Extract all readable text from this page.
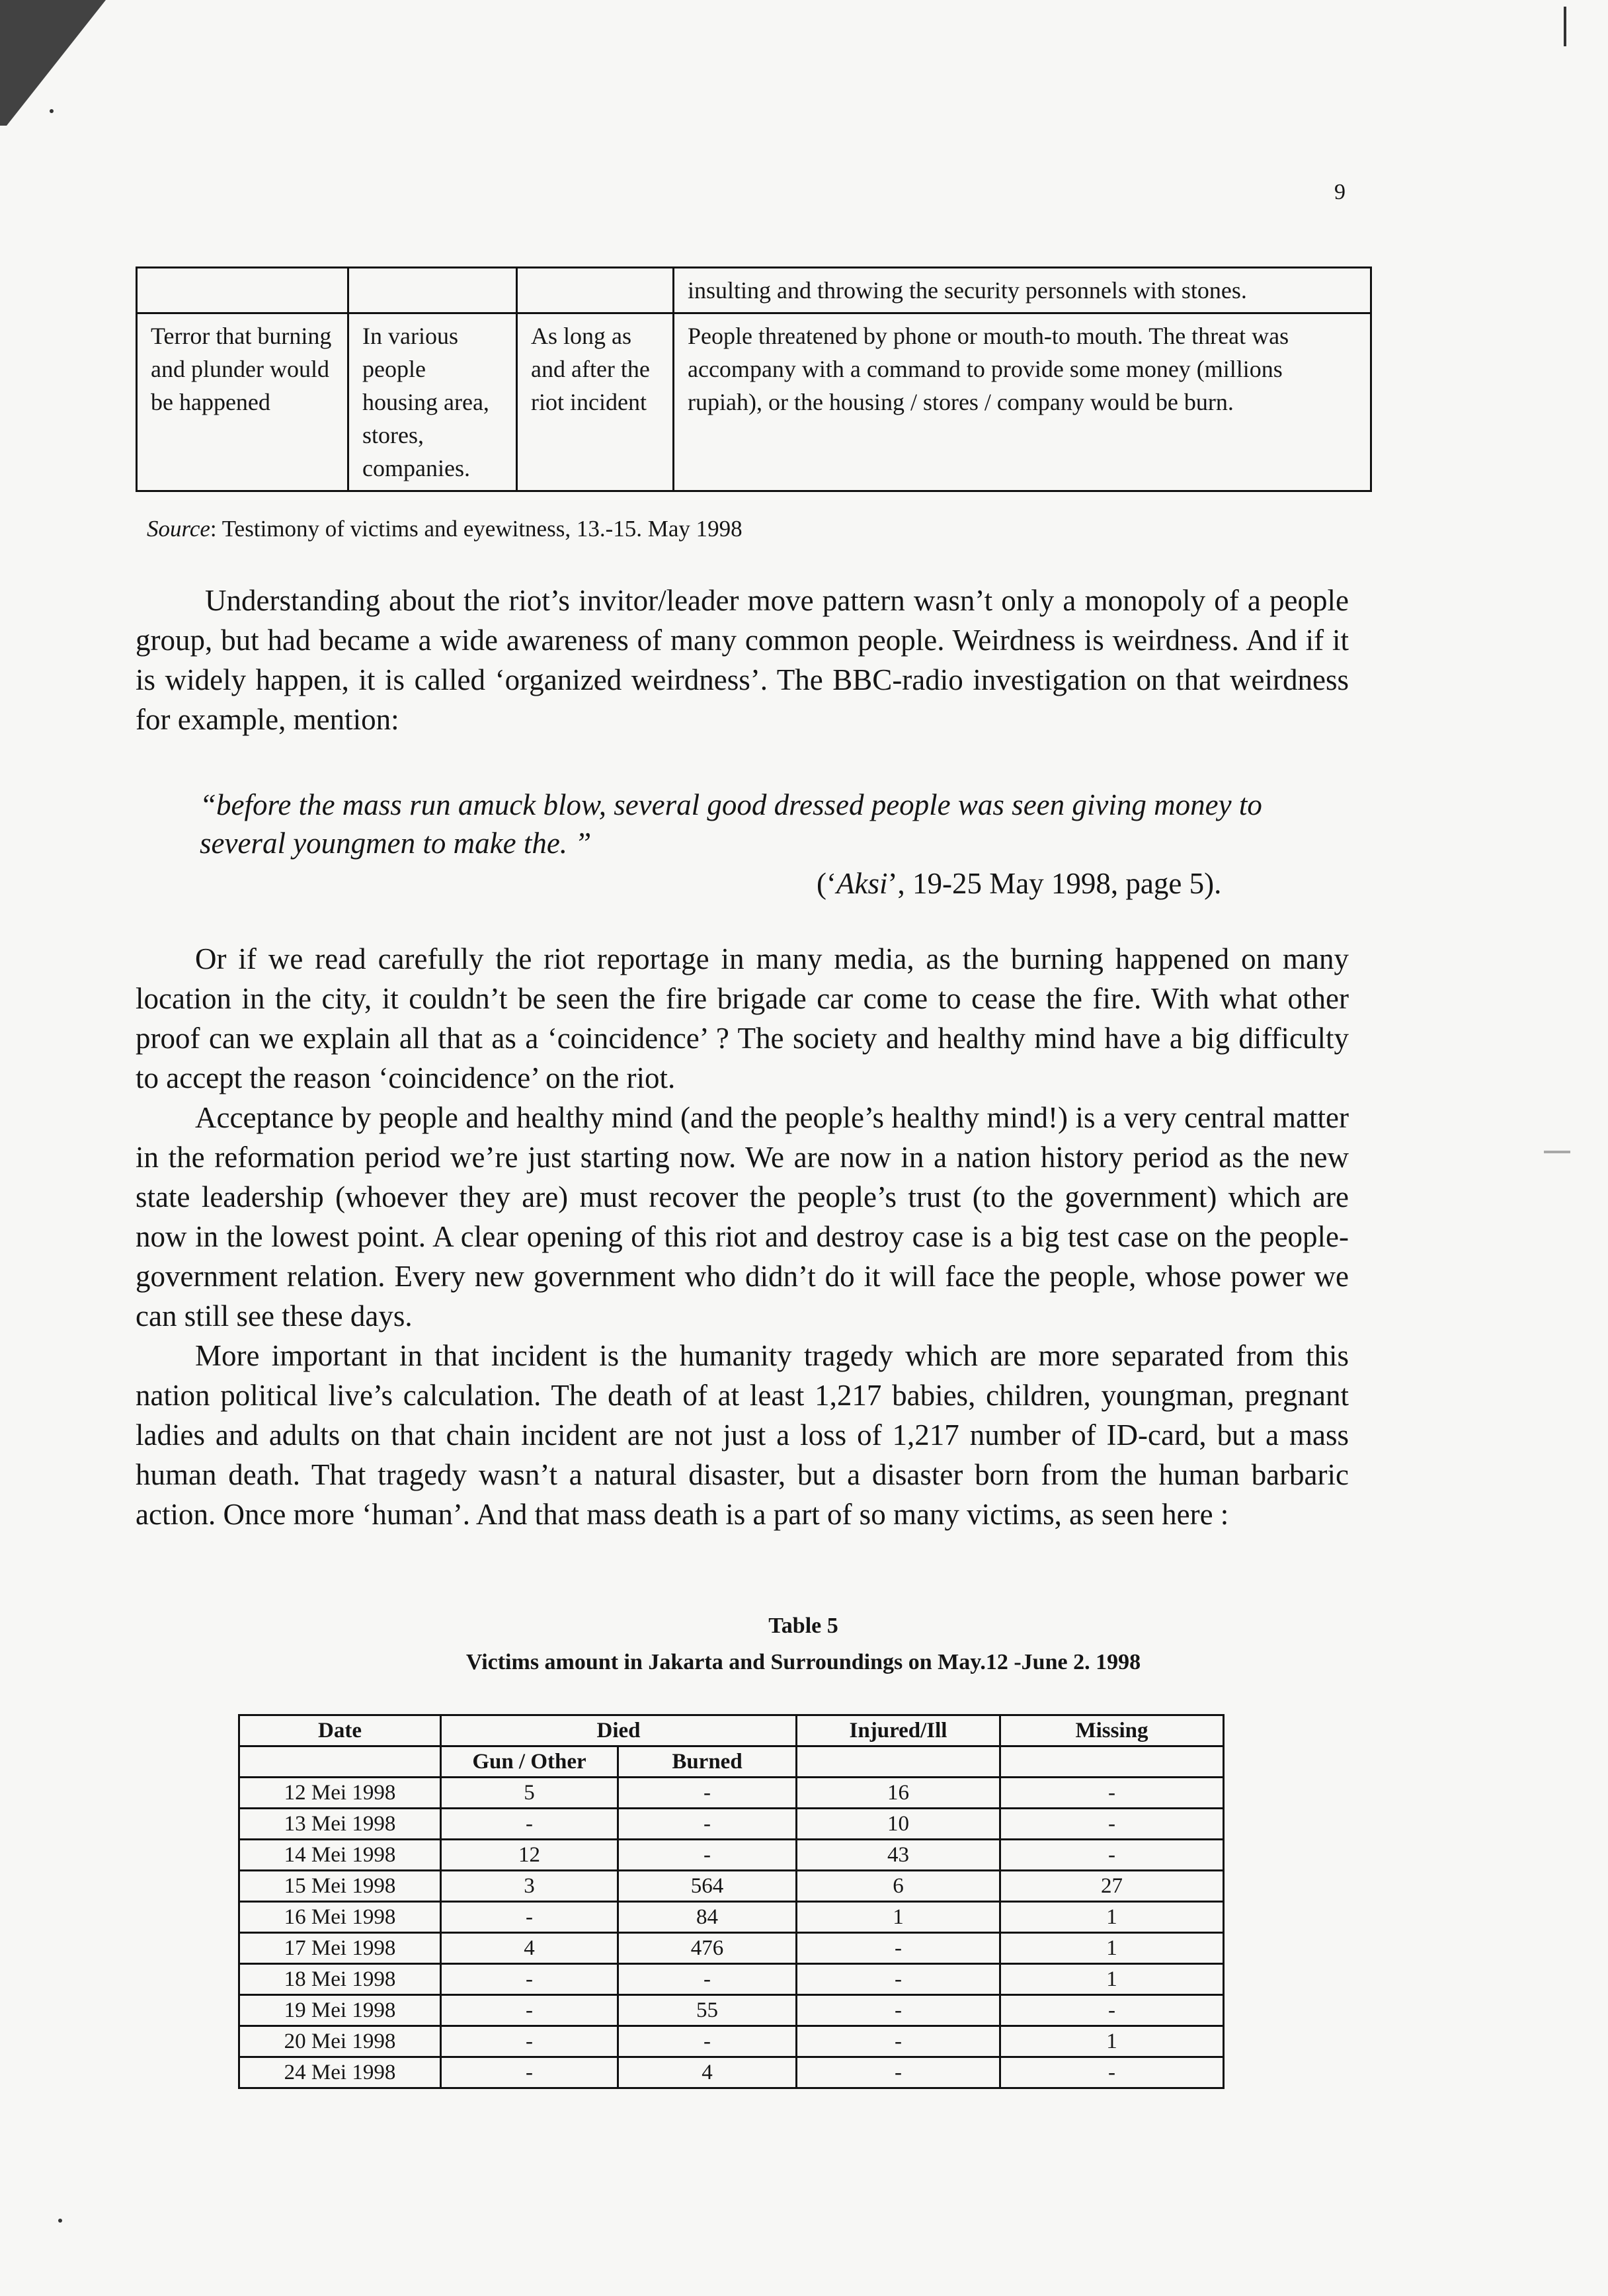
9
			insulting and throwing the security personnels with stones.
Terror that burning and plunder would be happened	In various people housing area, stores, companies.	As long as and after the riot incident	People threatened by phone or mouth-to mouth. The threat was accompany with a command to provide some money (millions rupiah), or the housing / stores / company would be burn.
Source: Testimony of victims and eyewitness, 13.-15. May 1998

Understanding about the riot’s invitor/leader move pattern wasn’t only a monopoly of a people group, but had became a wide awareness of many common people. Weirdness is weirdness. And if it is widely happen, it is called ‘organized weirdness’. The BBC-radio investigation on that weirdness for example, mention:

“before the mass run amuck blow, several good dressed people was seen giving money to several youngmen to make the. ”

(‘Aksi’, 19-25 May 1998, page 5).

Or if we read carefully the riot reportage in many media, as the burning happened on many location in the city, it couldn’t be seen the fire brigade car come to cease the fire. With what other proof can we explain all that as a ‘coincidence’ ? The society and healthy mind have a big difficulty to accept the reason ‘coincidence’ on the riot.

Acceptance by people and healthy mind (and the people’s healthy mind!) is a very central matter in the reformation period we’re just starting now. We are now in a nation history period as the new state leadership (whoever they are) must recover the people’s trust (to the government) which are now in the lowest point. A clear opening of this riot and destroy case is a big test case on the people-government relation. Every new government who didn’t do it will face the people, whose power we can still see these days.

More important in that incident is the humanity tragedy which are more separated from this nation political live’s calculation. The death of at least 1,217 babies, children, youngman, pregnant ladies and adults on that chain incident are not just a loss of 1,217 number of ID-card, but a mass human death. That tragedy wasn’t a natural disaster, but a disaster born from the human barbaric action. Once more ‘human’. And that mass death is a part of so many victims, as seen here :

Table 5
Victims amount in Jakarta and Surroundings on May.12 -June 2. 1998
Date	Died		Injured/Ill	Missing
	Gun / Other	Burned		
12 Mei 1998	5	-	16	-
13 Mei 1998	-	-	10	-
14 Mei 1998	12	-	43	-
15 Mei 1998	3	564	6	27
16 Mei 1998	-	84	1	1
17 Mei 1998	4	476	-	1
18 Mei 1998	-	-	-	1
19 Mei 1998	-	55	-	-
20 Mei 1998	-	-	-	1
24 Mei 1998	-	4	-	-
